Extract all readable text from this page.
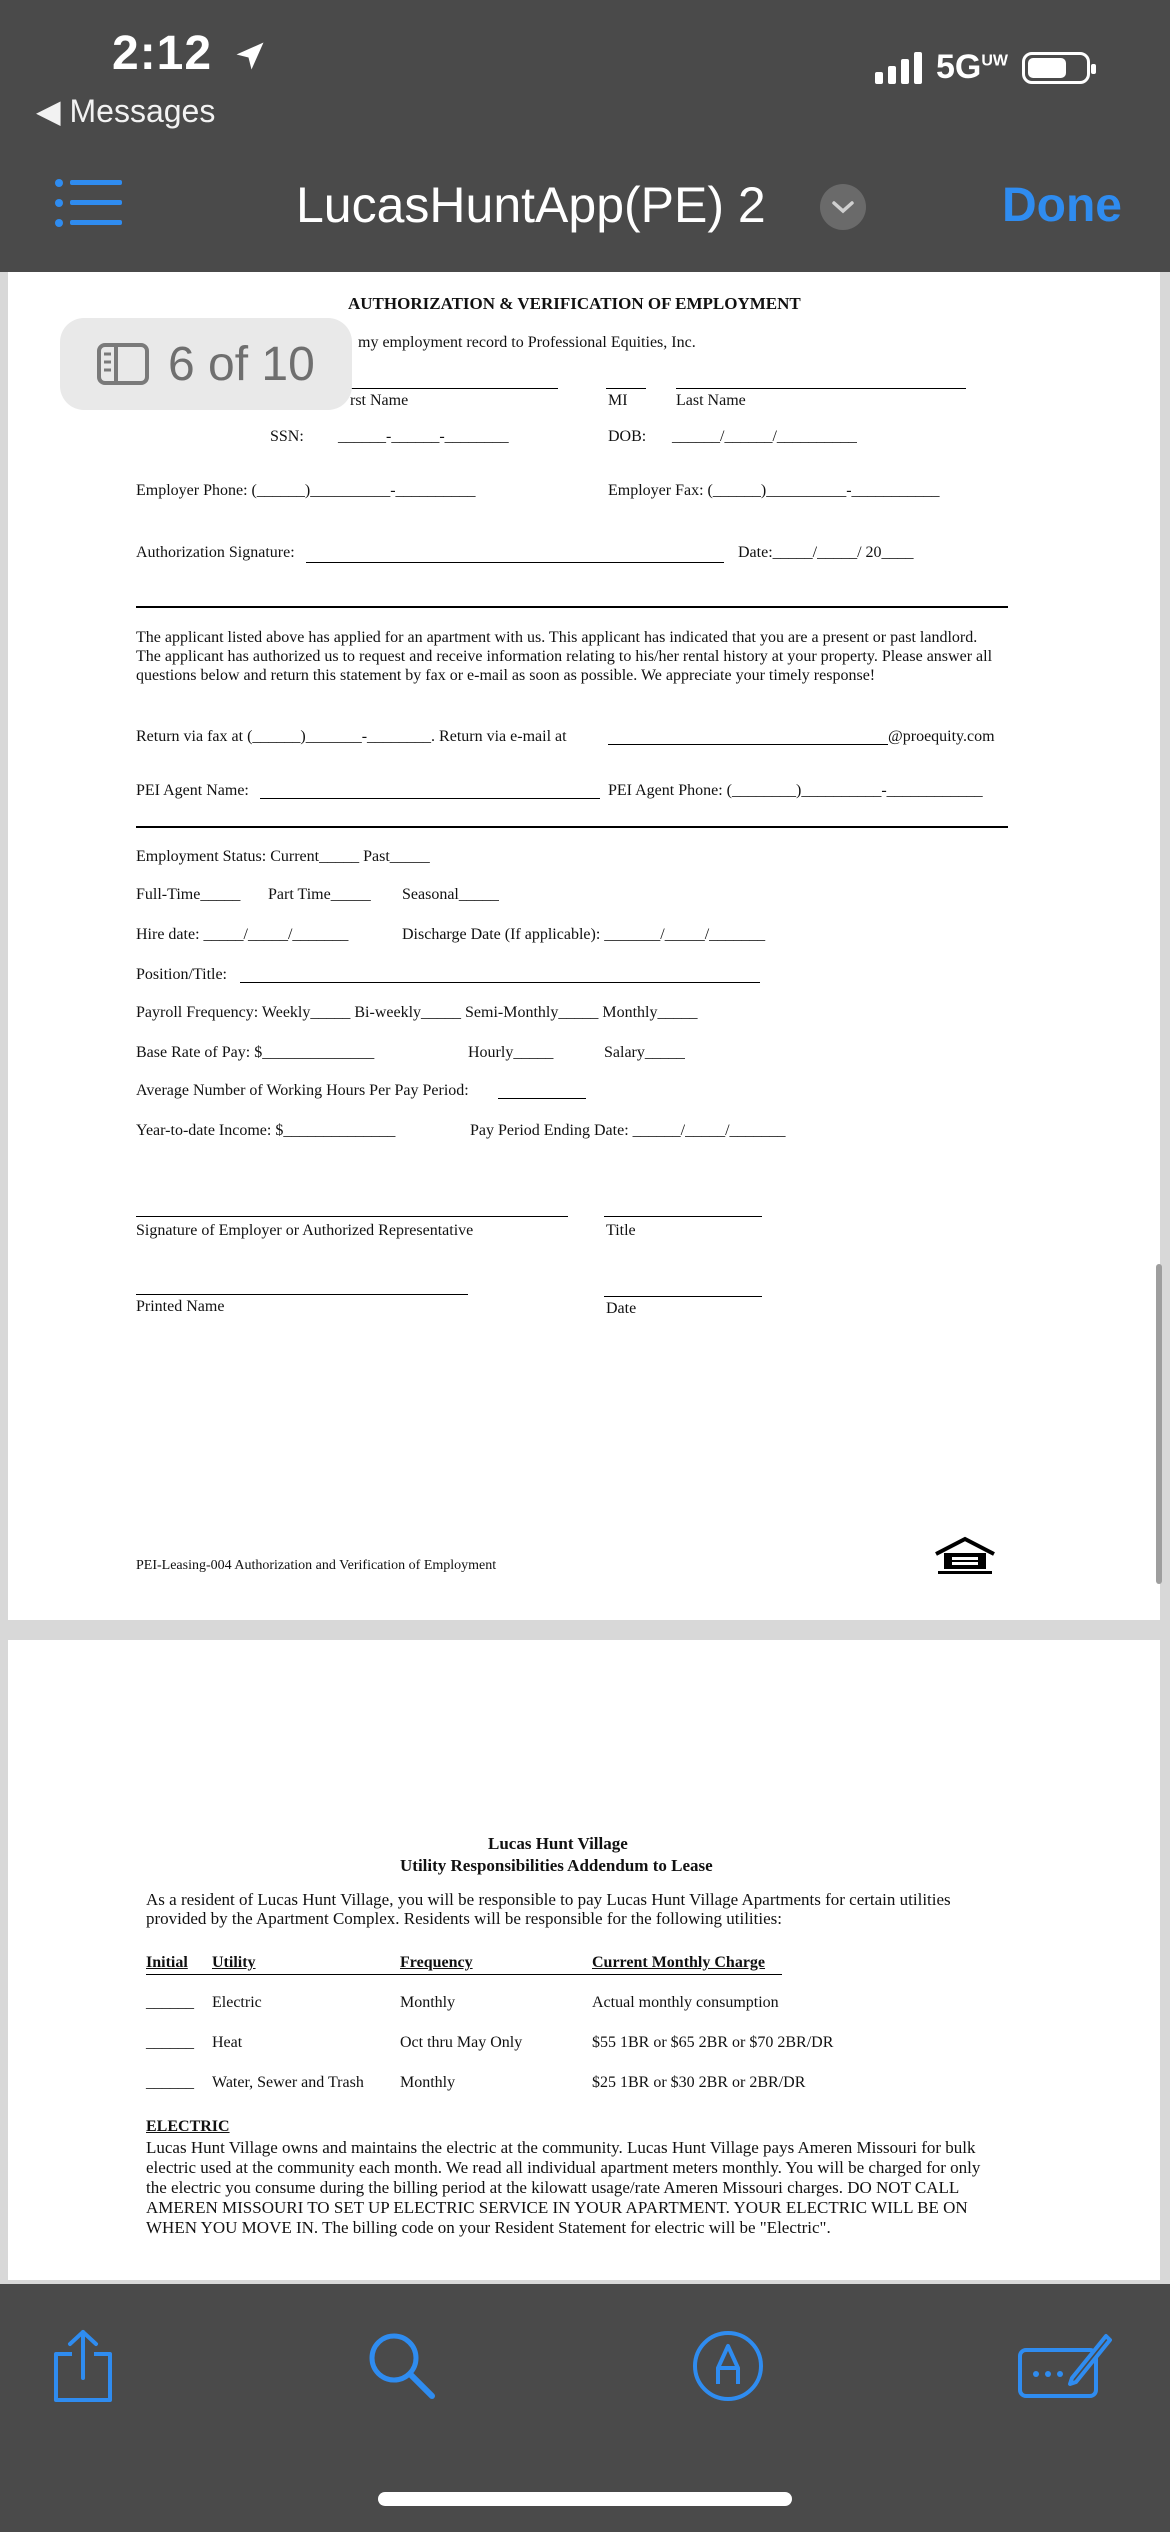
2:12
◀ Messages
$5G^{UW}$
LucasHuntApp(PE) 2	Done
6 of 10
AUTHORIZATION & VERIFICATION OF EMPLOYMENT
my employment record to Professional Equities, Inc.
rst Name	MI	Last Name
SSN: ______-______-________	DOB: ______/______/__________
Employer Phone: (______)__________-__________	Employer Fax: (______)__________-___________
Authorization Signature:	Date:_____/_____/ 20____
The applicant listed above has applied for an apartment with us. This applicant has indicated that you are a present or past landlord. The applicant has authorized us to request and receive information relating to his/her rental history at your property. Please answer all questions below and return this statement by fax or e-mail as soon as possible. We appreciate your timely response!
Return via fax at (______)_______-________. Return via e-mail at	@proequity.com
PEI Agent Name:	PEI Agent Phone: (________)__________-____________
Employment Status: Current_____ Past_____
Full-Time_____ Part Time_____ Seasonal_____
Hire date: _____/_____/_______	Discharge Date (If applicable): _______/_____/_______
Position/Title:
Payroll Frequency: Weekly_____ Bi-weekly_____ Semi-Monthly_____ Monthly_____
Base Rate of Pay: $______________	Hourly_____	Salary_____
Average Number of Working Hours Per Pay Period:
Year-to-date Income: $______________	Pay Period Ending Date: ______/_____/_______
Signature of Employer or Authorized Representative	Title
Printed Name	Date
PEI-Leasing-004 Authorization and Verification of Employment
Lucas Hunt Village
Utility Responsibilities Addendum to Lease
As a resident of Lucas Hunt Village, you will be responsible to pay Lucas Hunt Village Apartments for certain utilities provided by the Apartment Complex. Residents will be responsible for the following utilities:
Initial Utility	Frequency	Current Monthly Charge
______ Electric	Monthly	Actual monthly consumption
______ Heat	Oct thru May Only	$55 1BR or $65 2BR or $70 2BR/DR
______ Water, Sewer and Trash Monthly	$25 1BR or $30 2BR or 2BR/DR
ELECTRIC
Lucas Hunt Village owns and maintains the electric at the community. Lucas Hunt Village pays Ameren Missouri for bulk electric used at the community each month. We read all individual apartment meters monthly. You will be charged for only the electric you consume during the billing period at the kilowatt usage/rate Ameren Missouri charges. DO NOT CALL AMEREN MISSOURI TO SET UP ELECTRIC SERVICE IN YOUR APARTMENT. YOUR ELECTRIC WILL BE ON WHEN YOU MOVE IN. The billing code on your Resident Statement for electric will be "Electric".
